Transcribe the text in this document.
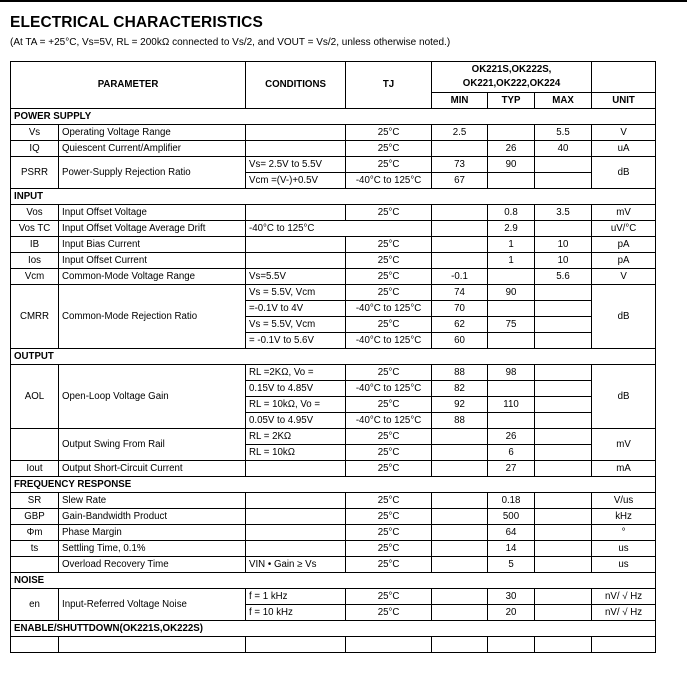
ELECTRICAL CHARACTERISTICS
(At TA = +25°C, Vs=5V, RL = 200kΩ connected to Vs/2, and VOUT = Vs/2, unless otherwise noted.)
PARAMETER		CONDITIONS	TJ	OK221S,OK222S,
OK221,OK222,OK224			
				MIN	TYP	MAX	UNIT
POWER SUPPLY							
Vs	Operating Voltage Range		25°C	2.5		5.5	V
IQ	Quiescent Current/Amplifier		25°C		26	40	uA
PSRR	Power-Supply Rejection Ratio	Vs= 2.5V to 5.5V	25°C	73	90		dB
		Vcm =(V-)+0.5V	-40°C to 125°C	67			
INPUT							
Vos	Input Offset Voltage		25°C		0.8	3.5	mV
Vos TC	Input Offset Voltage Average Drift	-40°C to 125°C			2.9		uV/°C
IB	Input Bias Current		25°C		1	10	pA
Ios	Input Offset Current		25°C		1	10	pA
Vcm	Common-Mode Voltage Range	Vs=5.5V	25°C	-0.1		5.6	V
CMRR	Common-Mode Rejection Ratio	Vs = 5.5V, Vcm	25°C	74	90		dB
		=-0.1V to 4V	-40°C to 125°C	70			
		Vs = 5.5V, Vcm	25°C	62	75		
		= -0.1V to 5.6V	-40°C to 125°C	60			
OUTPUT							
AOL	Open-Loop Voltage Gain	RL =2KΩ, Vo =	25°C	88	98		dB
		0.15V to 4.85V	-40°C to 125°C	82			
		RL = 10kΩ, Vo =	25°C	92	110		
		0.05V to 4.95V	-40°C to 125°C	88			
	Output Swing From Rail	RL = 2KΩ	25°C		26		mV
		RL = 10kΩ	25°C		6		
Iout	Output Short-Circuit Current		25°C		27		mA
FREQUENCY RESPONSE							
SR	Slew Rate		25°C		0.18		V/us
GBP	Gain-Bandwidth Product		25°C		500		kHz
Φm	Phase Margin		25°C		64		°
ts	Settling Time, 0.1%		25°C		14		us
	Overload Recovery Time	VIN • Gain ≥ Vs	25°C		5		us
NOISE							
en	Input-Referred Voltage Noise	f = 1 kHz	25°C		30		nV/ √ Hz
		f = 10 kHz	25°C		20		nV/ √ Hz
ENABLE/SHUTTDOWN(OK221S,OK222S)							
